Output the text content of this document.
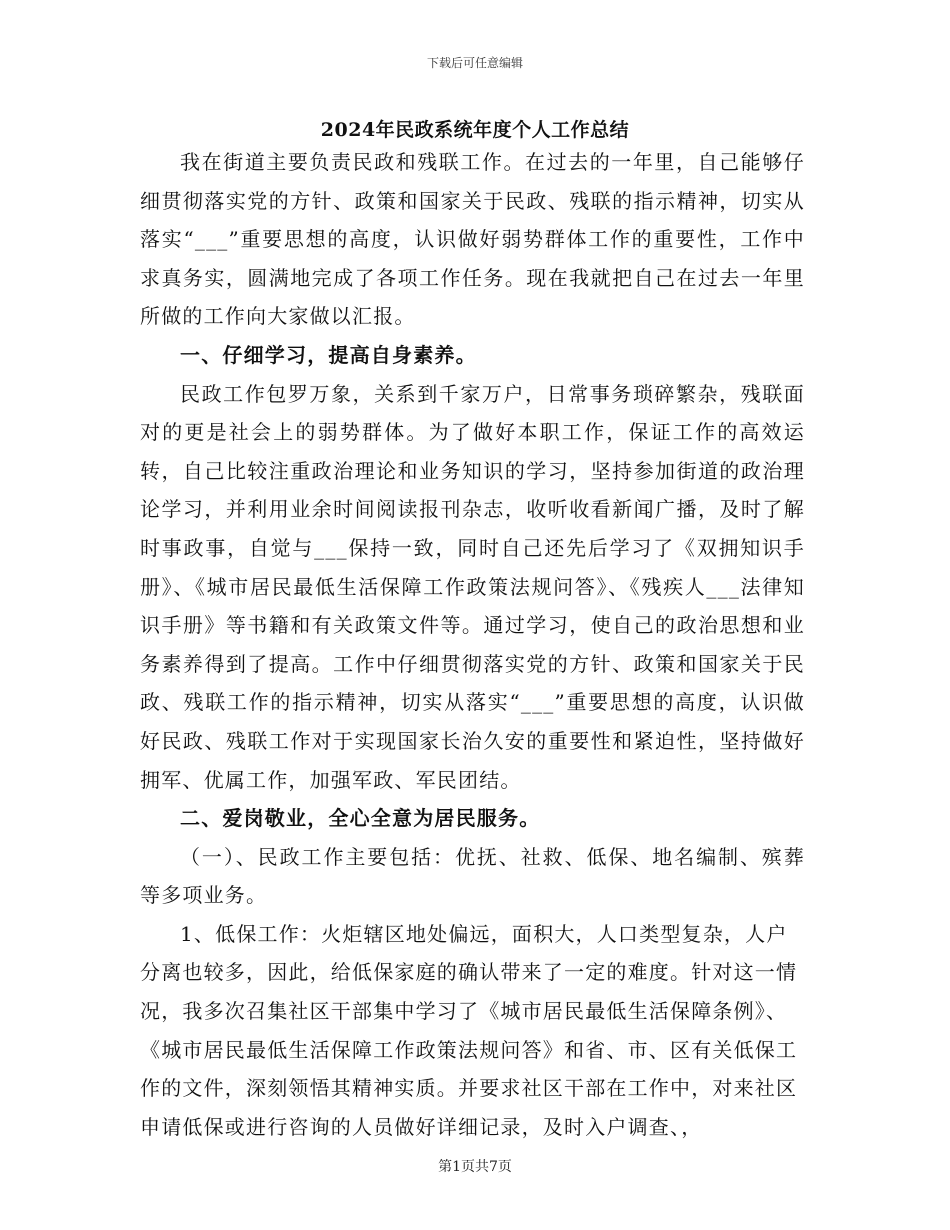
下载后可任意编辑
2024年民政系统年度个人工作总结

我在街道主要负责民政和残联工作。在过去的一年里，自己能够仔细贯彻落实党的方针、政策和国家关于民政、残联的指示精神，切实从落实“___”重要思想的高度，认识做好弱势群体工作的重要性，工作中求真务实，圆满地完成了各项工作任务。现在我就把自己在过去一年里所做的工作向大家做以汇报。

一、仔细学习，提高自身素养。

民政工作包罗万象，关系到千家万户，日常事务琐碎繁杂，残联面对的更是社会上的弱势群体。为了做好本职工作，保证工作的高效运转，自己比较注重政治理论和业务知识的学习，坚持参加街道的政治理论学习，并利用业余时间阅读报刊杂志，收听收看新闻广播，及时了解时事政事，自觉与___保持一致，同时自己还先后学习了《双拥知识手册》、《城市居民最低生活保障工作政策法规问答》、《残疾人___法律知识手册》等书籍和有关政策文件等。通过学习，使自己的政治思想和业务素养得到了提高。工作中仔细贯彻落实党的方针、政策和国家关于民政、残联工作的指示精神，切实从落实“___”重要思想的高度，认识做好民政、残联工作对于实现国家长治久安的重要性和紧迫性，坚持做好拥军、优属工作，加强军政、军民团结。

二、爱岗敬业，全心全意为居民服务。

（一）、民政工作主要包括：优抚、社救、低保、地名编制、殡葬等多项业务。

1、低保工作：火炬辖区地处偏远，面积大，人口类型复杂，人户分离也较多，因此，给低保家庭的确认带来了一定的难度。针对这一情况，我多次召集社区干部集中学习了《城市居民最低生活保障条例》、《城市居民最低生活保障工作政策法规问答》和省、市、区有关低保工作的文件，深刻领悟其精神实质。并要求社区干部在工作中，对来社区申请低保或进行咨询的人员做好详细记录，及时入户调查、，

第1页共7页
